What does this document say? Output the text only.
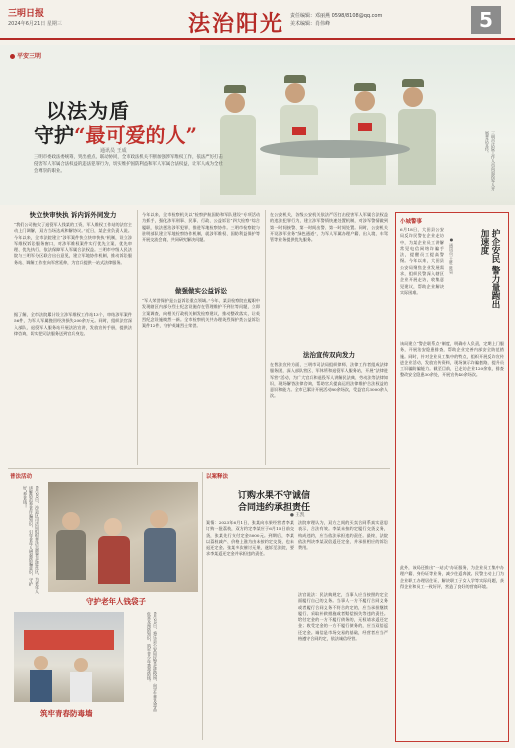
三明日报
2024年6月21日 星期三	法治阳光 责任编辑：邓丽燕 0598/8108@qq.com
美术编辑：肖伟峰	5
平安三明
以法为盾
守护“最可爱的人”
通讯员 王成
三明市委政法委统筹，突出重点、联动协同，全市政法机关不断加强涉军维权工作，依法严厉打击侵害军人军属合法权益的违法犯罪行为，切实维护国防利益和军人军属合法权益，让军人成为全社会尊崇的职业。	三明市法院工作人员向退役军人开展普法宣传。
快立快审快执 诉内诉外同发力
“我们公司拖欠了退役军人钱某的工资，军人维权工作站的法官主动上门调解，双方当场达成和解协议。”近日，某企业负责人说。今年以来，全市法院建立“涉军案件快立快审快执”机制，设立涉军维权诉讼服务窗口，对涉军维权案件实行优先立案、优先审理、优先执行，依法保障军人军属合法权益。三明市中级人民法院与三明军分区联合出台意见，建立军地协作机制，推动诉讼服务站、调解工作室向军营延伸，为官兵提供一站式法律服务。
据了解，全市法院累计设立涉军维权工作站13个，审结涉军案件56件，为军人军属挽回经济损失200余万元。同时，组织法官深入部队、退役军人服务站开展法治宣讲，发放宣传手册，提供法律咨询，切实把司法服务送到官兵身边。
今年以来，全市检察机关以“检察护航国防和军队建设”专项活动为抓手，强化涉军刑事、民事、行政、公益诉讼“四大检察”综合履职，依法惩治涉军犯罪，推进军地检察协作。三明市检察院与驻明部队建立军地检察协作机制，就涉军维权、国防利益保护等开展交流会商，共同研究解决问题。
做强做实公益诉讼
“军人荣誉保护是公益诉讼重点领域。”今年，某县检察院在履职中发现辖区内部分烈士纪念设施存在管理维护不到位等问题，立即立案调查，向相关行政机关制发检察建议，推动整改落实，让英烈纪念设施焕然一新。全市检察机关共办理英烈保护类公益诉讼案件12件，守护英雄烈士荣誉。
在公安机关，各级公安机关依法严厉打击侵害军人军属合法权益的违法犯罪行为，建立涉军警情快速处置机制，对涉军警情做到第一时间接警、第一时间出警、第一时间处置。同时，公安机关开设涉军业务“绿色通道”，为军人军属办理户籍、出入境、车驾管等业务提供优先服务。
法治宣传双向发力
在普法宣传方面，三明市司法局组织律师、法律工作者组成法律服务团，深入部队营区、军休所和退役军人服务站，开展“法律进军营”活动，为广大官兵和退役军人讲解民法典、劳动法等法律知识，现场解答法律咨询，帮助官兵提高运用法律维护合法权益的意识和能力。全市已累计开展活动80余场次，受益官兵3000余人次。
小城警事
护企安民 警力量跑出加速度
● 通讯员 王胜 陈昊
6月18日，大田县公安局反诈民警在企业走访中，为某企业员工讲解常见电信网络诈骗手法，提醒员工提高警惕。今年以来，大田县公安局聚焦企业发展需求，组织民警深入辖区企业开展走访，收集意见建议，帮助企业解决实际困难。
该局建立“警企联系点”制度，明确专人负责，定期上门服务，开展治安隐患排查，帮助企业完善内部安全防范措施。同时，针对企业员工集中的特点，组织开展反诈宣传进企业活动，发放宣传资料，现场演示诈骗套路，提升员工识骗防骗能力。截至目前，已走访企业120余家，排查整改安全隐患30余处，开展宣传40余场次。
此外，该局还推出“一站式”办证服务，为企业员工集中办理户籍、身份证等业务，减少往返奔波。民警主动上门为企业职工办理居住证，解决职工子女入学等实际问题，获得企业和员工一致好评，营造了良好的营商环境。
普法活动
6月20日，沙县区司法局组织普法志愿者走进社区，为老年人讲解防范养老诈骗知识，引导老年人增强防骗意识，守护好“养老钱”。
守护老年人钱袋子
6月25日，将乐县公安局民警走进校园，向学生普及毒品危害及预防知识，筑牢青少年禁毒防线。
筑牢青春防毒墙
以案释法
订购水果不守诚信
合同违约承担责任
● 王凯
案情：2023年6月1日，张某向水果经营者李某订购一批荔枝，双方约定李某应于6月15日前交货，张某先行支付定金5000元。到期后，李某以荔枝减产、价格上涨为由未按约定交货，也未退还定金。张某多次催讨无果，遂诉至法院，要求李某返还定金并承担违约责任。
法院审理认为，双方之间的买卖合同系真实意思表示，合法有效。李某未按约定履行交货义务，构成违约，应当依法承担违约责任。最终，法院依法判决李某双倍返还定金，并承担相应的诉讼费用。
法官说法：民法典规定，当事人应当按照约定全面履行自己的义务。当事人一方不履行合同义务或者履行合同义务不符合约定的，应当承担继续履行、采取补救措施或者赔偿损失等违约责任。给付定金的一方不履行债务的，无权请求返还定金；收受定金的一方不履行债务的，应当双倍返还定金。诚信是市场交易的基础，经营者应当严格遵守合同约定，依法诚信经营。
